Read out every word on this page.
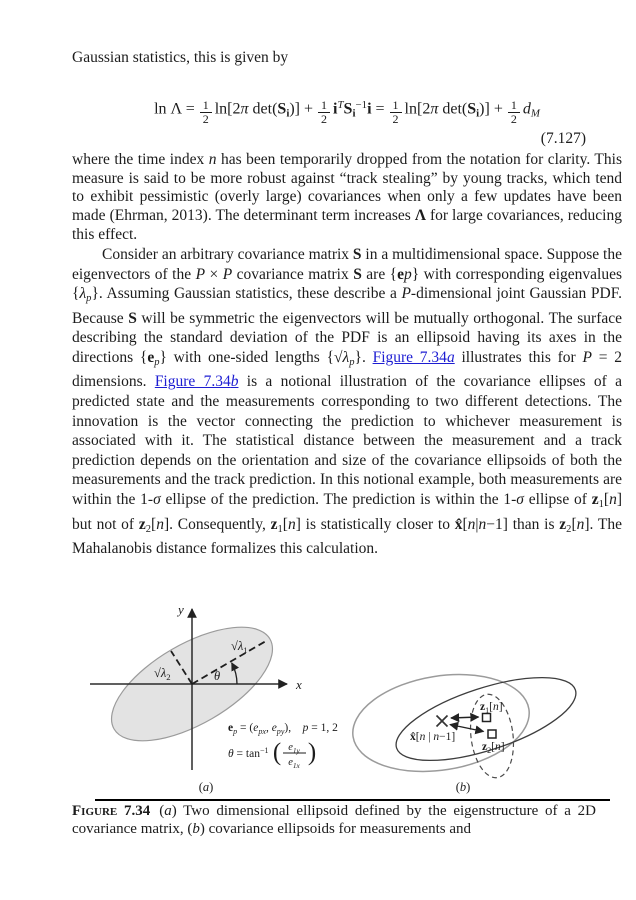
Gaussian statistics, this is given by
$\ln \Lambda = \frac{1}{2} \ln[2\pi$ $\det(Si)] + \frac{1}{2} i^TSi^{-1}i = \frac{1}{2} \ln[2\pi$ $\det(Si)] + \frac{1}{2}$ dM
(7.127)
where the time index n has been temporarily dropped from the notation for clarity. This measure is said to be more robust against “track stealing” by young tracks, which tend to exhibit pessimistic (overly large) covariances when only a few updates have been made (Ehrman, 2013). The determinant term increases Λ for large covariances, reducing this effect.
Consider an arbitrary covariance matrix S in a multidimensional space. Suppose the eigenvectors of the P × P covariance matrix S are {ep} with corresponding eigenvalues {λp}. Assuming Gaussian statistics, these describe a P-dimensional joint Gaussian PDF. Because S will be symmetric the eigenvectors will be mutually orthogonal. The surface describing the standard deviation of the PDF is an ellipsoid having its axes in the directions {ep} with one-sided lengths {√λp}. Figure 7.34a illustrates this for P = 2 dimensions. Figure 7.34b is a notional illustration of the covariance ellipses of a predicted state and the measurements corresponding to two different detections. The innovation is the vector connecting the prediction to whichever measurement is associated with it. The statistical distance between the measurement and a track prediction depends on the orientation and size of the covariance ellipsoids of both the measurements and the track prediction. In this notional example, both measurements are within the 1-σ ellipse of the prediction. The prediction is within the 1-σ ellipse of z1[n] but not of z2[n]. Consequently, z1[n] is statistically closer to x̂[n|n−1] than is z2[n]. The Mahalanobis distance formalizes this calculation.
y
x
$√\lambda_1$
$√\lambda_2$	θ
$e_p = (e_{px}$, $e_{py}$),    p = 1, 2
$\theta = \tan^{-1}$ ( $e_{1y}$
$e_{1x}$ )
(a)
$z_1[n]$
$z_2[n]$
x̂[n | n−1]
(b)
Figure 7.34 (a) Two dimensional ellipsoid defined by the eigenstructure of a 2D covariance matrix, (b) covariance ellipsoids for measurements and
